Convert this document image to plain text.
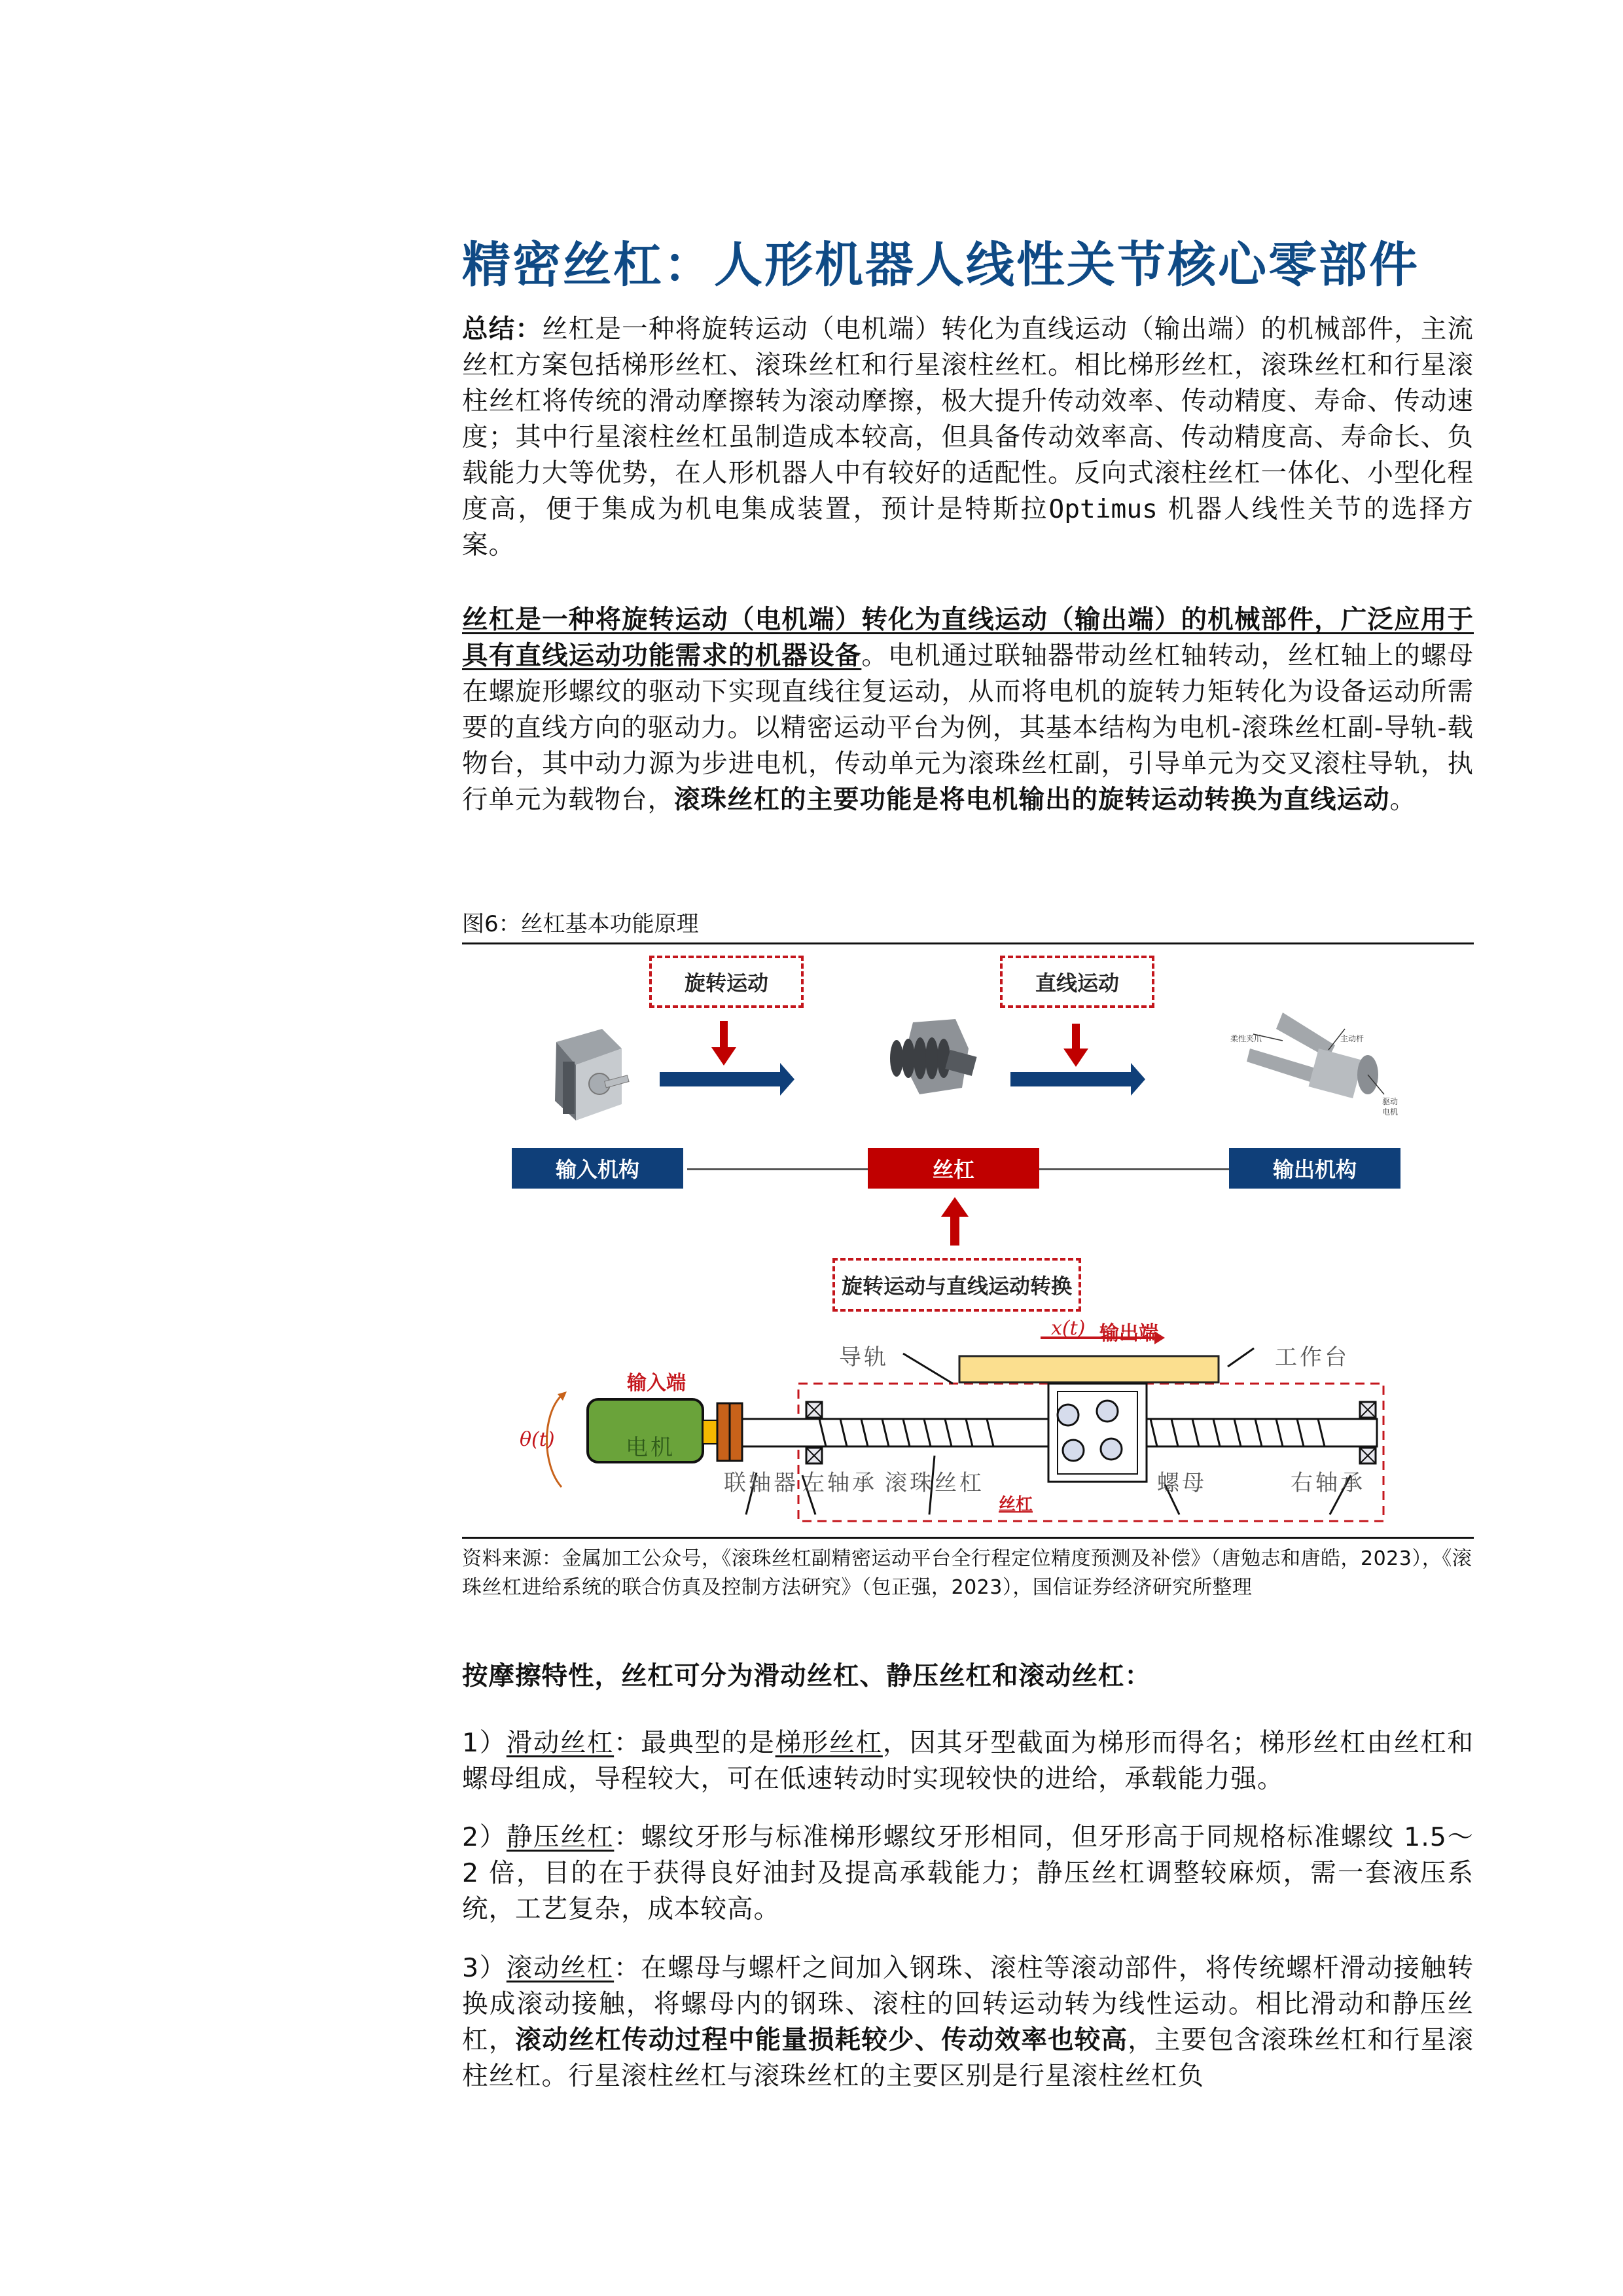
精密丝杠：人形机器人线性关节核心零部件
总结：丝杠是一种将旋转运动（电机端）转化为直线运动（输出端）的机械部件，主流丝杠方案包括梯形丝杠、滚珠丝杠和行星滚柱丝杠。相比梯形丝杠，滚珠丝杠和行星滚柱丝杠将传统的滑动摩擦转为滚动摩擦，极大提升传动效率、传动精度、寿命、传动速度；其中行星滚柱丝杠虽制造成本较高，但具备传动效率高、传动精度高、寿命长、负载能力大等优势，在人形机器人中有较好的适配性。反向式滚柱丝杠一体化、小型化程度高，便于集成为机电集成装置，预计是特斯拉Optimus 机器人线性关节的选择方案。
丝杠是一种将旋转运动（电机端）转化为直线运动（输出端）的机械部件，广泛应用于具有直线运动功能需求的机器设备。电机通过联轴器带动丝杠轴转动，丝杠轴上的螺母在螺旋形螺纹的驱动下实现直线往复运动，从而将电机的旋转力矩转化为设备运动所需要的直线方向的驱动力。以精密运动平台为例，其基本结构为电机-滚珠丝杠副-导轨-载物台，其中动力源为步进电机，传动单元为滚珠丝杠副，引导单元为交叉滚柱导轨，执行单元为载物台，滚珠丝杠的主要功能是将电机输出的旋转运动转换为直线运动。
图6：丝杠基本功能原理
旋转运动	直线运动
柔性夹爪	主动杆
驱动
电机
输入机构	丝杠	输出机构
旋转运动与直线运动转换
θ(t)
输入端
电机
x(t) 输出端
导轨	工作台
联轴器 左轴承 滚珠丝杠	螺母	右轴承
丝杠
资料来源：金属加工公众号，《滚珠丝杠副精密运动平台全行程定位精度预测及补偿》（唐勉志和唐皓，2023），《滚珠丝杠进给系统的联合仿真及控制方法研究》（包正强，2023），国信证券经济研究所整理
按摩擦特性，丝杠可分为滑动丝杠、静压丝杠和滚动丝杠：
1）滑动丝杠：最典型的是梯形丝杠，因其牙型截面为梯形而得名；梯形丝杠由丝杠和螺母组成，导程较大，可在低速转动时实现较快的进给，承载能力强。
2）静压丝杠：螺纹牙形与标准梯形螺纹牙形相同，但牙形高于同规格标准螺纹 1.5～2 倍，目的在于获得良好油封及提高承载能力；静压丝杠调整较麻烦，需一套液压系统，工艺复杂，成本较高。
3）滚动丝杠：在螺母与螺杆之间加入钢珠、滚柱等滚动部件，将传统螺杆滑动接触转换成滚动接触，将螺母内的钢珠、滚柱的回转运动转为线性运动。相比滑动和静压丝杠，滚动丝杠传动过程中能量损耗较少、传动效率也较高，主要包含滚珠丝杠和行星滚柱丝杠。行星滚柱丝杠与滚珠丝杠的主要区别是行星滚柱丝杠负
